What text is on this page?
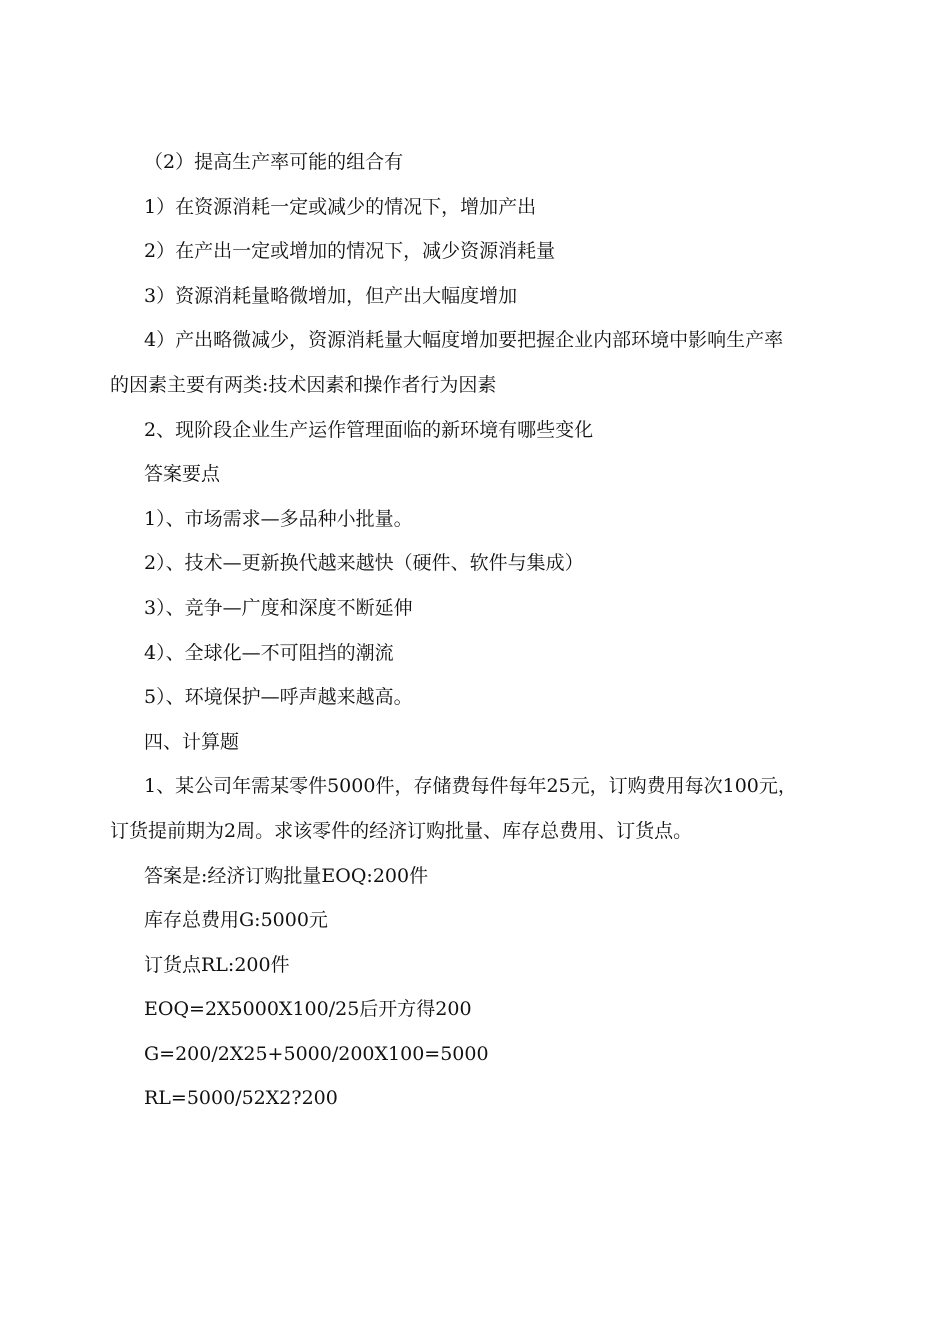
（2）提高生产率可能的组合有

1）在资源消耗一定或减少的情况下，增加产出

2）在产出一定或增加的情况下，减少资源消耗量

3）资源消耗量略微增加，但产出大幅度增加

4）产出略微减少，资源消耗量大幅度增加要把握企业内部环境中影响生产率

的因素主要有两类:技术因素和操作者行为因素

2、现阶段企业生产运作管理面临的新环境有哪些变化

答案要点

1）、市场需求—多品种小批量。

2）、技术—更新换代越来越快（硬件、软件与集成）

3）、竞争—广度和深度不断延伸

4）、全球化—不可阻挡的潮流

5）、环境保护—呼声越来越高。

四、计算题

1、某公司年需某零件5000件，存储费每件每年25元，订购费用每次100元，

订货提前期为2周。求该零件的经济订购批量、库存总费用、订货点。

答案是:经济订购批量EOQ:200件

库存总费用G:5000元

订货点RL:200件

EOQ=2X5000X100/25后开方得200

G=200/2X25+5000/200X100=5000

RL=5000/52X2?200
